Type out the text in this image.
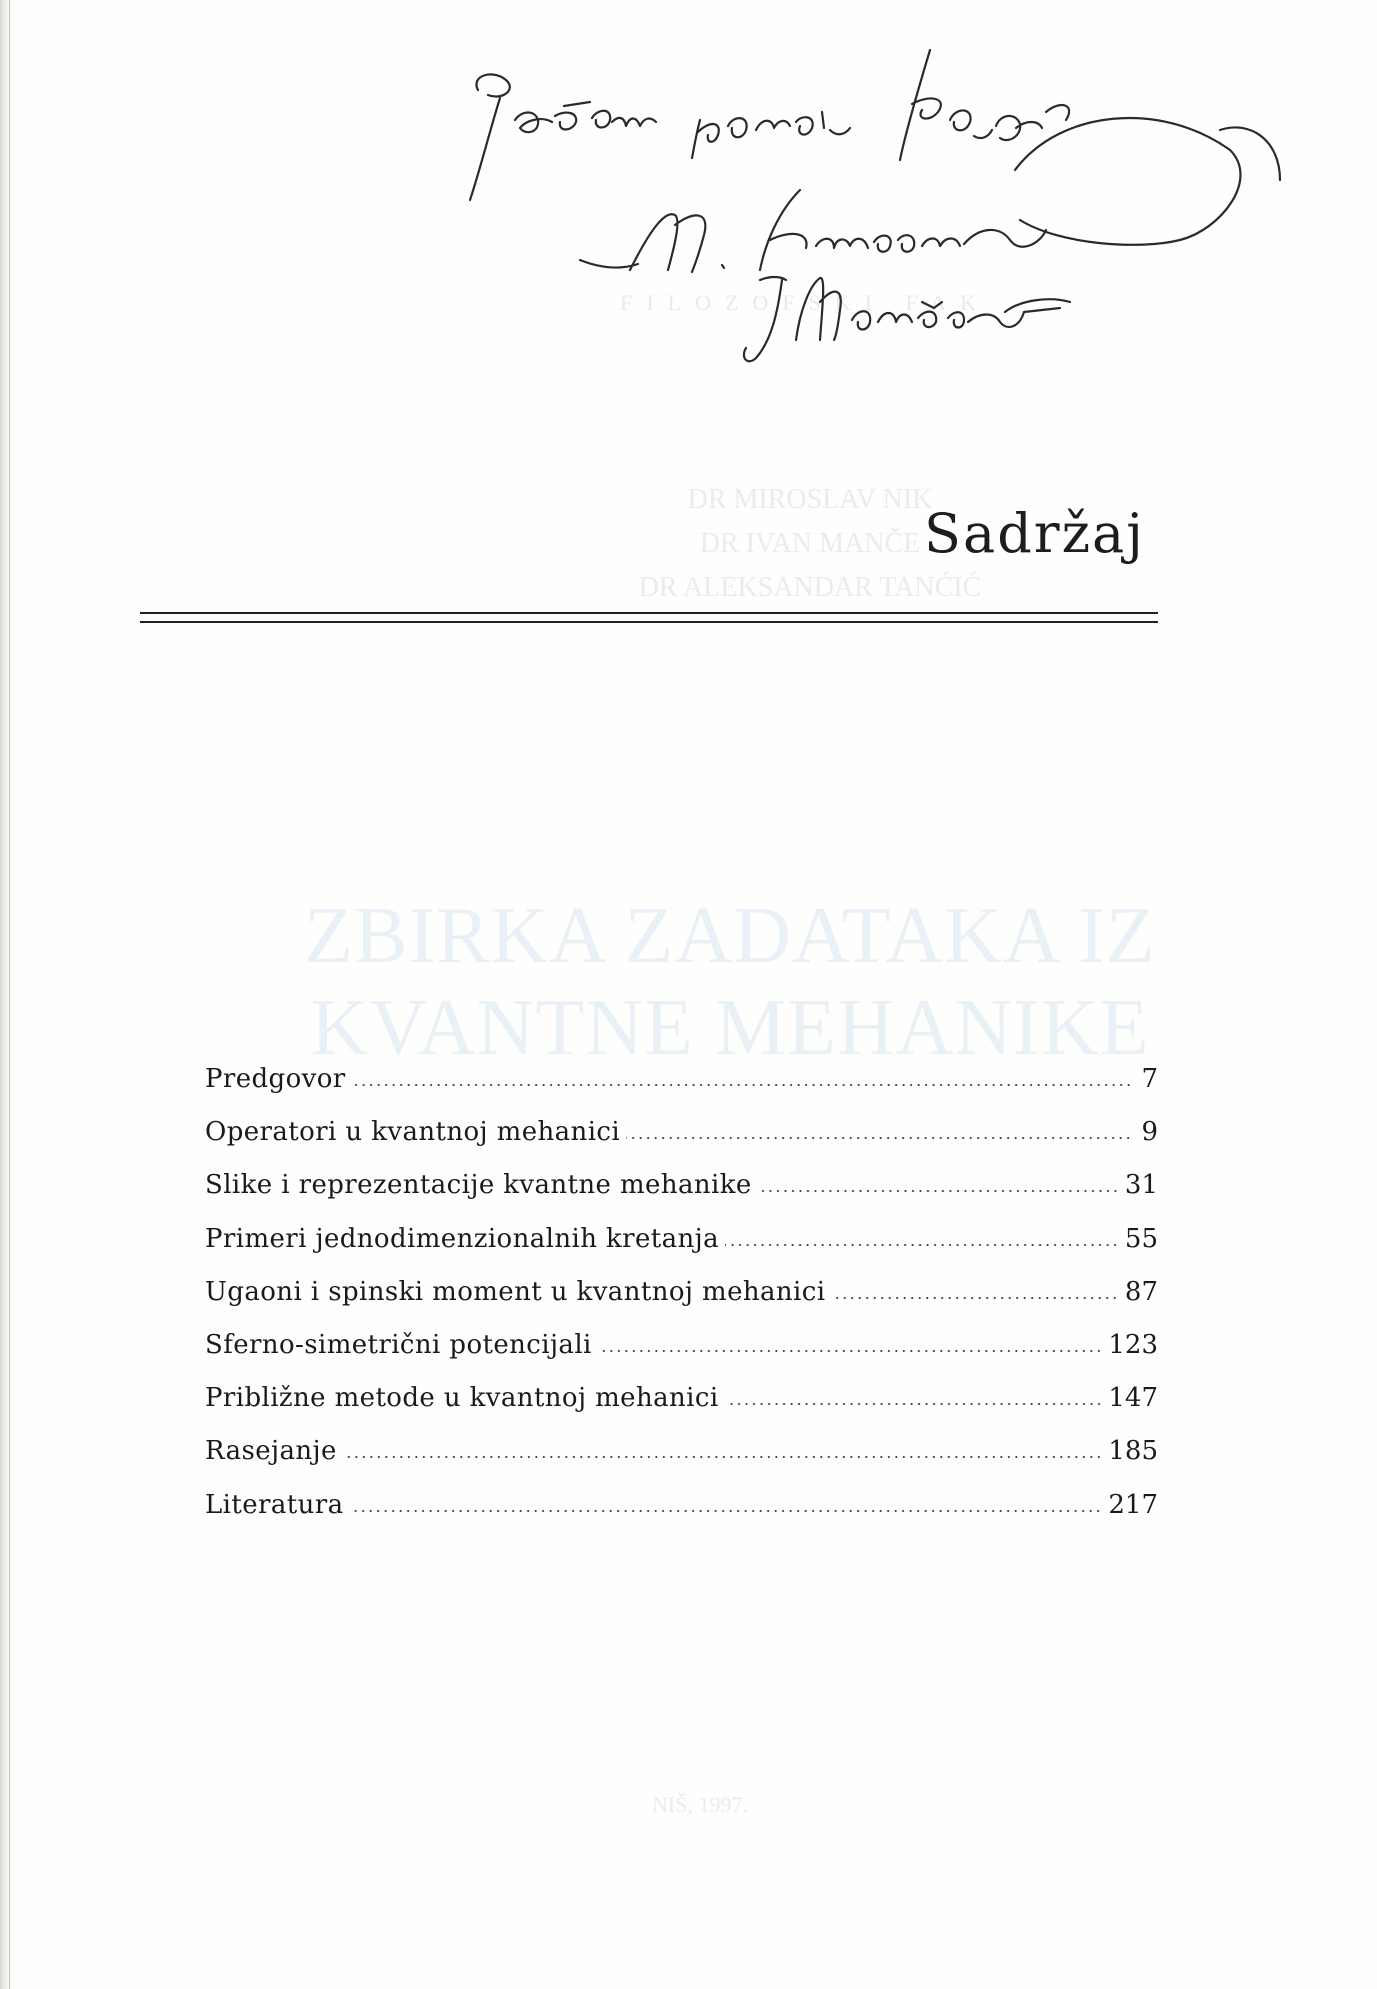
FILOZOFSKI FAK
DR MIROSLAV NIK
DR IVAN MANČE
DR ALEKSANDAR TANĆIĆ
ZBIRKA ZADATAKA IZ
KVANTNE MEHANIKE
NIŠ, 1997.
Sadržaj
Predgovor	7
Operatori u kvantnoj mehanici	9
Slike i reprezentacije kvantne mehanike	31
Primeri jednodimenzionalnih kretanja	55
Ugaoni i spinski moment u kvantnoj mehanici	87
Sferno-simetrični potencijali	123
Približne metode u kvantnoj mehanici	147
Rasejanje	185
Literatura	217
